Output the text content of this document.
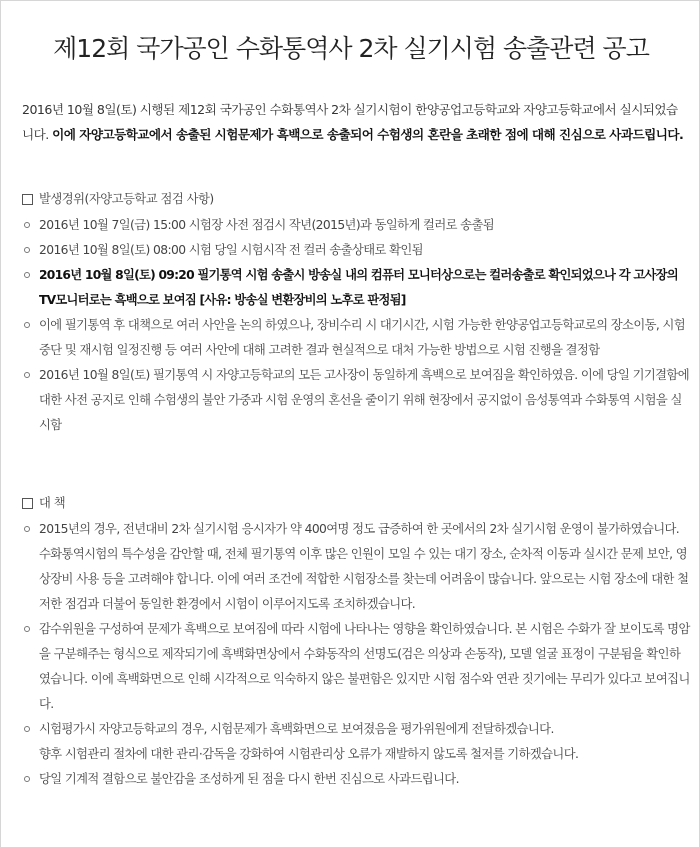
제12회 국가공인 수화통역사 2차 실기시험 송출관련 공고

2016년 10월 8일(토) 시행된 제12회 국가공인 수화통역사 2차 실기시험이 한양공업고등학교와 자양고등학교에서 실시되었습니다. 이에 자양고등학교에서 송출된 시험문제가 흑백으로 송출되어 수험생의 혼란을 초래한 점에 대해 진심으로 사과드립니다.

발생경위(자양고등학교 점검 사항)
2016년 10월 7일(금) 15:00 시험장 사전 점검시 작년(2015년)과 동일하게 컬러로 송출됨
2016년 10월 8일(토) 08:00 시험 당일 시험시작 전 컬러 송출상태로 확인됨
2016년 10월 8일(토) 09:20 필기통역 시험 송출시 방송실 내의 컴퓨터 모니터상으로는 컬러송출로 확인되었으나 각 고사장의 TV모니터로는 흑백으로 보여짐 [사유: 방송실 변환장비의 노후로 판정됨]
이에 필기통역 후 대책으로 여러 사안을 논의 하였으나, 장비수리 시 대기시간, 시험 가능한 한양공업고등학교로의 장소이동, 시험 중단 및 재시험 일정진행 등 여러 사안에 대해 고려한 결과 현실적으로 대처 가능한 방법으로 시험 진행을 결정함
2016년 10월 8일(토) 필기통역 시 자양고등학교의 모든 고사장이 동일하게 흑백으로 보여짐을 확인하였음. 이에 당일 기기결함에 대한 사전 공지로 인해 수험생의 불안 가중과 시험 운영의 혼선을 줄이기 위해 현장에서 공지없이 음성통역과 수화통역 시험을 실시함
대 책
2015년의 경우, 전년대비 2차 실기시험 응시자가 약 400여명 정도 급증하여 한 곳에서의 2차 실기시험 운영이 불가하였습니다. 수화통역시험의 특수성을 감안할 때, 전체 필기통역 이후 많은 인원이 모일 수 있는 대기 장소, 순차적 이동과 실시간 문제 보안, 영상장비 사용 등을 고려해야 합니다. 이에 여러 조건에 적합한 시험장소를 찾는데 어려움이 많습니다. 앞으로는 시험 장소에 대한 철저한 점검과 더불어 동일한 환경에서 시험이 이루어지도록 조치하겠습니다.
감수위원을 구성하여 문제가 흑백으로 보여짐에 따라 시험에 나타나는 영향을 확인하였습니다. 본 시험은 수화가 잘 보이도록 명암을 구분해주는 형식으로 제작되기에 흑백화면상에서 수화동작의 선명도(검은 의상과 손동작), 모델 얼굴 표정이 구분됨을 확인하였습니다. 이에 흑백화면으로 인해 시각적으로 익숙하지 않은 불편함은 있지만 시험 점수와 연관 짓기에는 무리가 있다고 보여집니다.
시험평가시 자양고등학교의 경우, 시험문제가 흑백화면으로 보여졌음을 평가위원에게 전달하겠습니다.
향후 시험관리 절차에 대한 관리·감독을 강화하여 시험관리상 오류가 재발하지 않도록 철저를 기하겠습니다.
당일 기계적 결함으로 불안감을 조성하게 된 점을 다시 한번 진심으로 사과드립니다.
